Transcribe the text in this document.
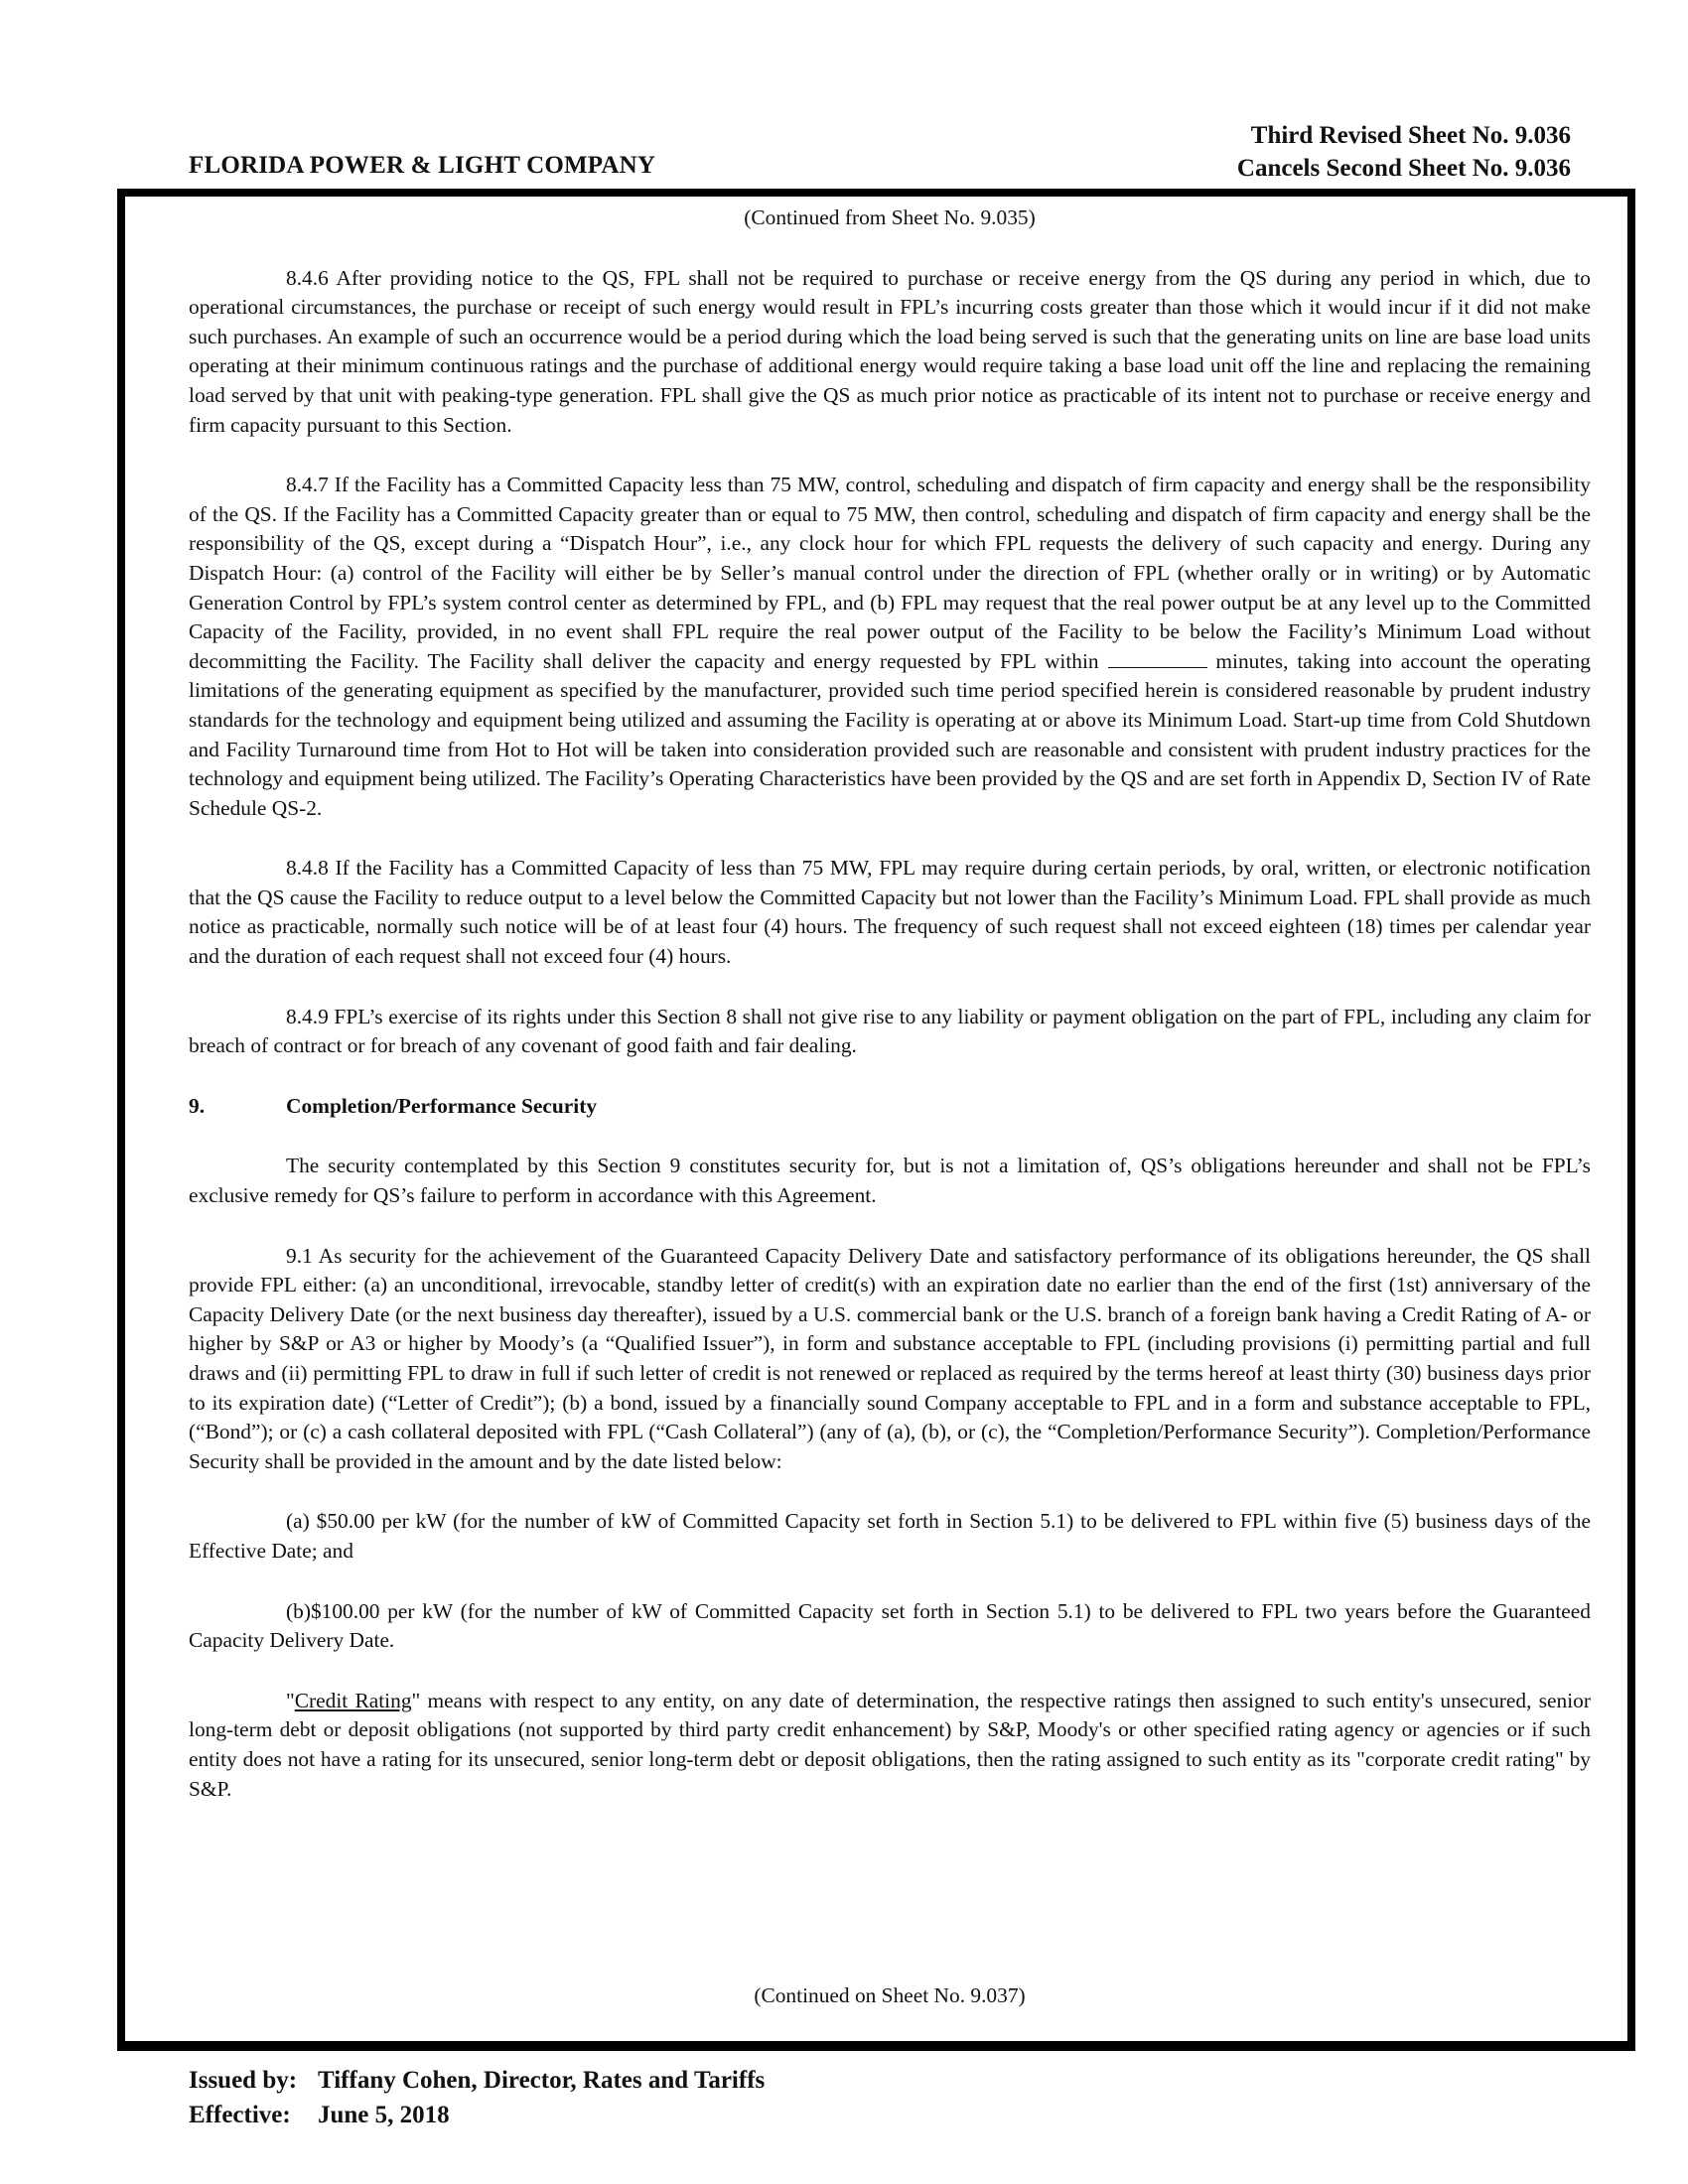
FLORIDA POWER & LIGHT COMPANY
Third Revised Sheet No. 9.036
Cancels Second Sheet No. 9.036

(Continued from Sheet No. 9.035)

8.4.6 After providing notice to the QS, FPL shall not be required to purchase or receive energy from the QS during any period in which, due to operational circumstances, the purchase or receipt of such energy would result in FPL’s incurring costs greater than those which it would incur if it did not make such purchases. An example of such an occurrence would be a period during which the load being served is such that the generating units on line are base load units operating at their minimum continuous ratings and the purchase of additional energy would require taking a base load unit off the line and replacing the remaining load served by that unit with peaking-type generation. FPL shall give the QS as much prior notice as practicable of its intent not to purchase or receive energy and firm capacity pursuant to this Section.

8.4.7 If the Facility has a Committed Capacity less than 75 MW, control, scheduling and dispatch of firm capacity and energy shall be the responsibility of the QS. If the Facility has a Committed Capacity greater than or equal to 75 MW, then control, scheduling and dispatch of firm capacity and energy shall be the responsibility of the QS, except during a “Dispatch Hour”, i.e., any clock hour for which FPL requests the delivery of such capacity and energy. During any Dispatch Hour: (a) control of the Facility will either be by Seller’s manual control under the direction of FPL (whether orally or in writing) or by Automatic Generation Control by FPL’s system control center as determined by FPL, and (b) FPL may request that the real power output be at any level up to the Committed Capacity of the Facility, provided, in no event shall FPL require the real power output of the Facility to be below the Facility’s Minimum Load without decommitting the Facility. The Facility shall deliver the capacity and energy requested by FPL within	minutes, taking into account the operating limitations of the generating equipment as specified by the manufacturer, provided such time period specified herein is considered reasonable by prudent industry standards for the technology and equipment being utilized and assuming the Facility is operating at or above its Minimum Load. Start-up time from Cold Shutdown and Facility Turnaround time from Hot to Hot will be taken into consideration provided such are reasonable and consistent with prudent industry practices for the technology and equipment being utilized. The Facility’s Operating Characteristics have been provided by the QS and are set forth in Appendix D, Section IV of Rate Schedule QS-2.

8.4.8 If the Facility has a Committed Capacity of less than 75 MW, FPL may require during certain periods, by oral, written, or electronic notification that the QS cause the Facility to reduce output to a level below the Committed Capacity but not lower than the Facility’s Minimum Load. FPL shall provide as much notice as practicable, normally such notice will be of at least four (4) hours. The frequency of such request shall not exceed eighteen (18) times per calendar year and the duration of each request shall not exceed four (4) hours.

8.4.9 FPL’s exercise of its rights under this Section 8 shall not give rise to any liability or payment obligation on the part of FPL, including any claim for breach of contract or for breach of any covenant of good faith and fair dealing.

9.	Completion/Performance Security

The security contemplated by this Section 9 constitutes security for, but is not a limitation of, QS’s obligations hereunder and shall not be FPL’s exclusive remedy for QS’s failure to perform in accordance with this Agreement.

9.1 As security for the achievement of the Guaranteed Capacity Delivery Date and satisfactory performance of its obligations hereunder, the QS shall provide FPL either: (a) an unconditional, irrevocable, standby letter of credit(s) with an expiration date no earlier than the end of the first (1st) anniversary of the Capacity Delivery Date (or the next business day thereafter), issued by a U.S. commercial bank or the U.S. branch of a foreign bank having a Credit Rating of A- or higher by S&P or A3 or higher by Moody’s (a “Qualified Issuer”), in form and substance acceptable to FPL (including provisions (i) permitting partial and full draws and (ii) permitting FPL to draw in full if such letter of credit is not renewed or replaced as required by the terms hereof at least thirty (30) business days prior to its expiration date) (“Letter of Credit”); (b) a bond, issued by a financially sound Company acceptable to FPL and in a form and substance acceptable to FPL, (“Bond”); or (c) a cash collateral deposited with FPL (“Cash Collateral”) (any of (a), (b), or (c), the “Completion/Performance Security”). Completion/Performance Security shall be provided in the amount and by the date listed below:

(a) $50.00 per kW (for the number of kW of Committed Capacity set forth in Section 5.1) to be delivered to FPL within five (5) business days of the Effective Date; and

(b)$100.00 per kW (for the number of kW of Committed Capacity set forth in Section 5.1) to be delivered to FPL two years before the Guaranteed Capacity Delivery Date.

"Credit Rating" means with respect to any entity, on any date of determination, the respective ratings then assigned to such entity's unsecured, senior long-term debt or deposit obligations (not supported by third party credit enhancement) by S&P, Moody's or other specified rating agency or agencies or if such entity does not have a rating for its unsecured, senior long-term debt or deposit obligations, then the rating assigned to such entity as its "corporate credit rating" by S&P.

(Continued on Sheet No. 9.037)
Issued by: Tiffany Cohen, Director, Rates and Tariffs
Effective: June 5, 2018
